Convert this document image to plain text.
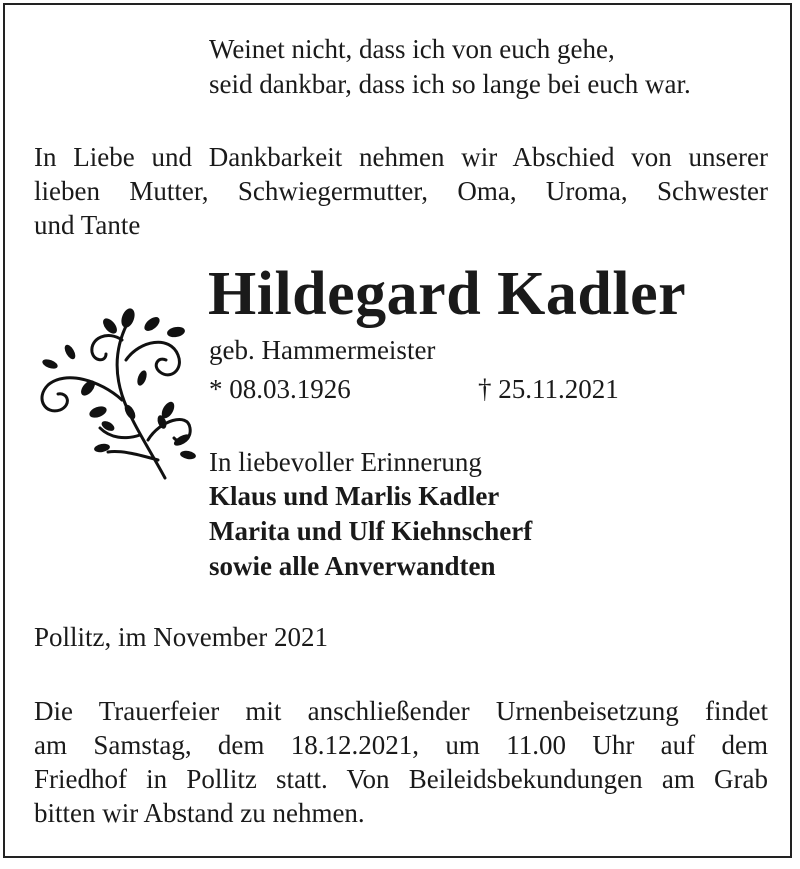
Weinet nicht, dass ich von euch gehe,
seid dankbar, dass ich so lange bei euch war.
In Liebe und Dankbarkeit nehmen wir Abschied von unserer
lieben Mutter, Schwiegermutter, Oma, Uroma, Schwester
und Tante
Hildegard Kadler
geb. Hammermeister
* 08.03.1926	† 25.11.2021
In liebevoller Erinnerung
Klaus und Marlis Kadler
Marita und Ulf Kiehnscherf
sowie alle Anverwandten
Pollitz, im November 2021
Die Trauerfeier mit anschließender Urnenbeisetzung findet
am Samstag, dem 18.12.2021, um 11.00 Uhr auf dem
Friedhof in Pollitz statt. Von Beileidsbekundungen am Grab
bitten wir Abstand zu nehmen.
